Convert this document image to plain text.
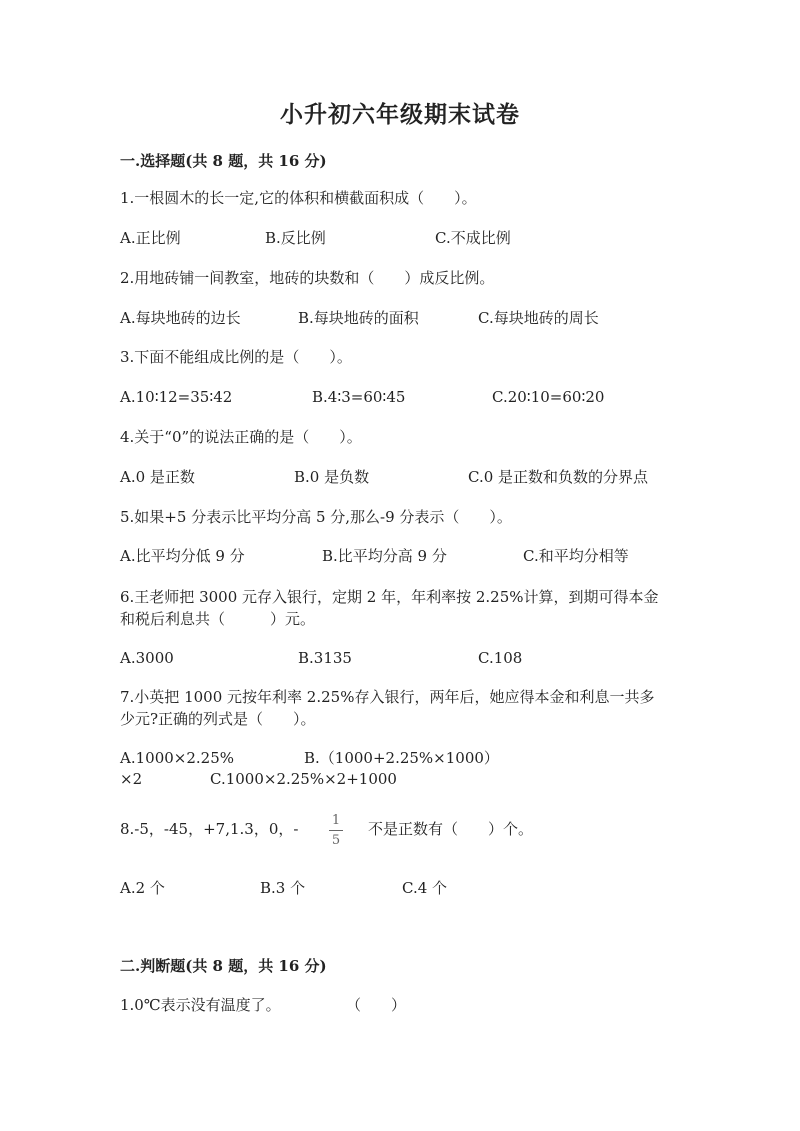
小升初六年级期末试卷
一.选择题(共 8 题，共 16 分)
1.一根圆木的长一定,它的体积和横截面积成（　　）。
A.正比例	B.反比例	C.不成比例
2.用地砖铺一间教室，地砖的块数和（　　）成反比例。
A.每块地砖的边长	B.每块地砖的面积	C.每块地砖的周长
3.下面不能组成比例的是（　　）。
A.10∶12=35∶42	B.4∶3=60∶45	C.20∶10=60∶20
4.关于“0”的说法正确的是（　　）。
A.0 是正数	B.0 是负数	C.0 是正数和负数的分界点
5.如果+5 分表示比平均分高 5 分,那么-9 分表示（　　）。
A.比平均分低 9 分	B.比平均分高 9 分	C.和平均分相等
6.王老师把 3000 元存入银行，定期 2 年，年利率按 2.25%计算，到期可得本金
和税后利息共（　　　）元。
A.3000	B.3135	C.108
7.小英把 1000 元按年利率 2.25%存入银行，两年后，她应得本金和利息一共多
少元?正确的列式是（　　）。
A.1000×2.25%	B.（1000+2.25%×1000）
×2	C.1000×2.25%×2+1000
8.-5，-45，+7,1.3，0，-	1
5
不是正数有（　　）个。
A.2 个	B.3 个	C.4 个
二.判断题(共 8 题，共 16 分)
1.0℃表示没有温度了。	（　　）
